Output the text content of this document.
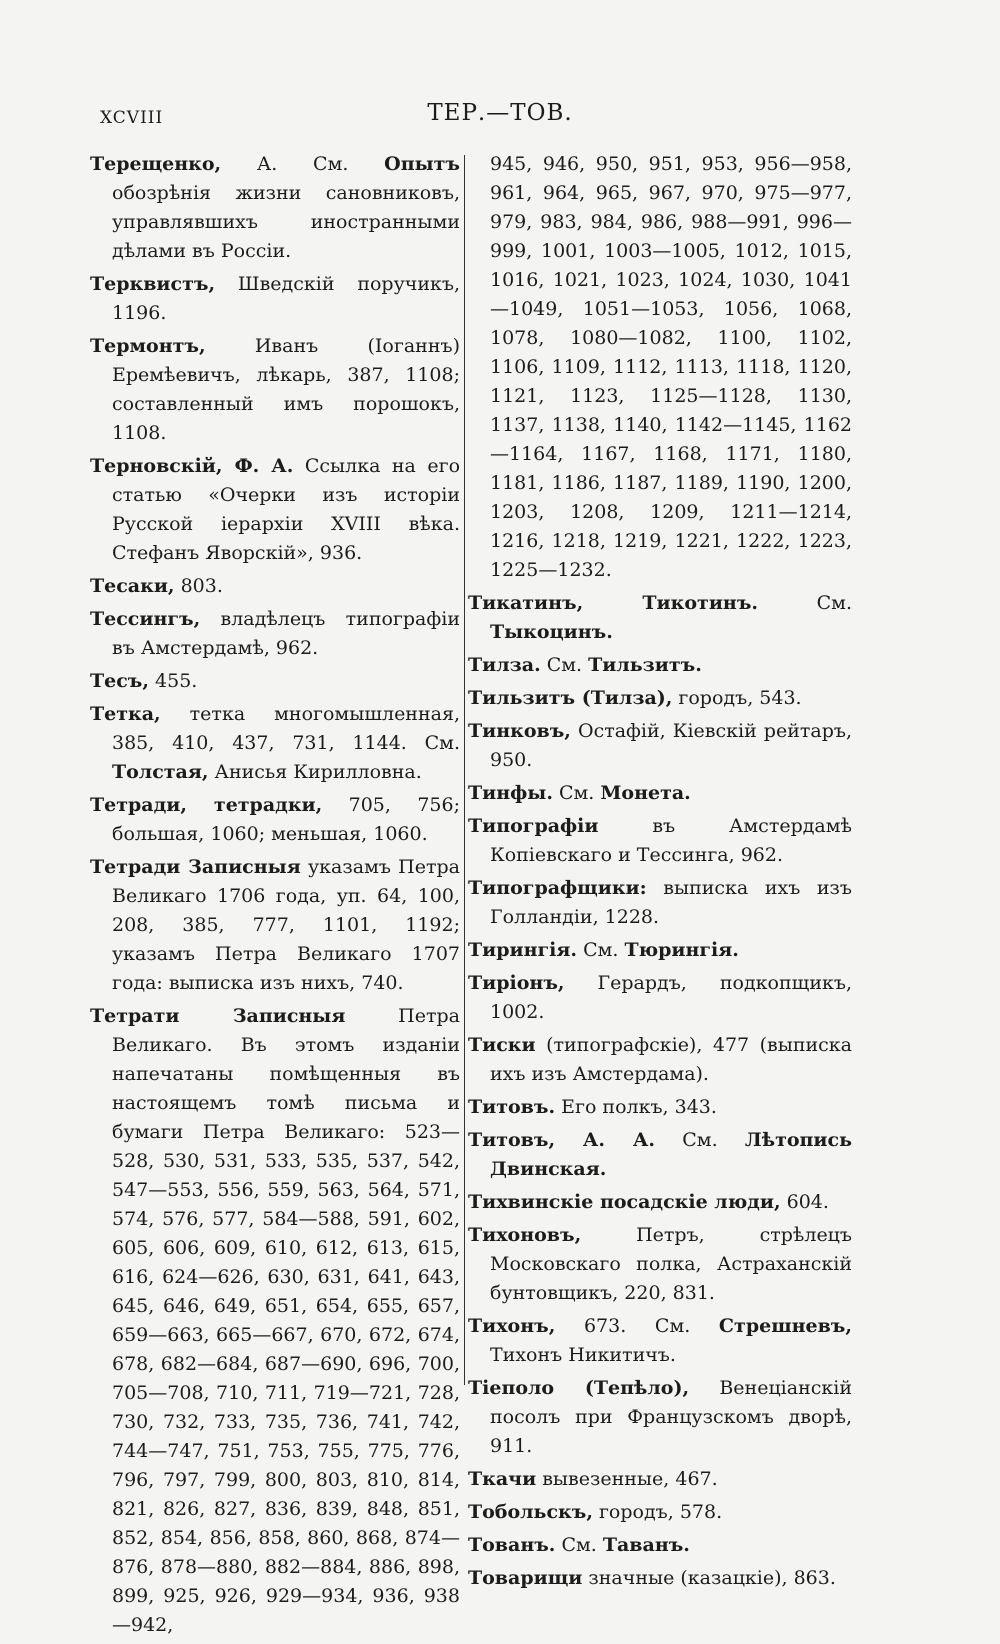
XCVIII	ТЕР.—ТОВ.

Терещенко, А. См. Опытъ обозрѣнія жизни сановниковъ, управлявшихъ иностранными дѣлами въ Россіи.

Терквистъ, Шведскій поручикъ, 1196.

Термонтъ, Иванъ (Іоганнъ) Еремѣевичъ, лѣкарь, 387, 1108; составленный имъ порошокъ, 1108.

Терновскій, Ф. А. Ссылка на его статью «Очерки изъ исторіи Русской іерархіи XVIII вѣка. Стефанъ Яворскій», 936.

Тесаки, 803.

Тессингъ, владѣлецъ типографіи въ Амстердамѣ, 962.

Тесъ, 455.

Тетка, тетка многомышленная, 385, 410, 437, 731, 1144. См. Толстая, Анисья Кирилловна.

Тетради, тетрадки, 705, 756; большая, 1060; меньшая, 1060.

Тетради Записныя указамъ Петра Великаго 1706 года, уп. 64, 100, 208, 385, 777, 1101, 1192; указамъ Петра Великаго 1707 года: выписка изъ нихъ, 740.

Тетрати Записныя Петра Великаго. Въ этомъ изданіи напечатаны помѣщенныя въ настоящемъ томѣ письма и бумаги Петра Великаго: 523—528, 530, 531, 533, 535, 537, 542, 547—553, 556, 559, 563, 564, 571, 574, 576, 577, 584—588, 591, 602, 605, 606, 609, 610, 612, 613, 615, 616, 624—626, 630, 631, 641, 643, 645, 646, 649, 651, 654, 655, 657, 659—663, 665—667, 670, 672, 674, 678, 682—684, 687—690, 696, 700, 705—708, 710, 711, 719—721, 728, 730, 732, 733, 735, 736, 741, 742, 744—747, 751, 753, 755, 775, 776, 796, 797, 799, 800, 803, 810, 814, 821, 826, 827, 836, 839, 848, 851, 852, 854, 856, 858, 860, 868, 874—876, 878—880, 882—884, 886, 898, 899, 925, 926, 929—934, 936, 938—942,

945, 946, 950, 951, 953, 956—958, 961, 964, 965, 967, 970, 975—977, 979, 983, 984, 986, 988—991, 996—999, 1001, 1003—1005, 1012, 1015, 1016, 1021, 1023, 1024, 1030, 1041—1049, 1051—1053, 1056, 1068, 1078, 1080—1082, 1100, 1102, 1106, 1109, 1112, 1113, 1118, 1120, 1121, 1123, 1125—1128, 1130, 1137, 1138, 1140, 1142—1145, 1162—1164, 1167, 1168, 1171, 1180, 1181, 1186, 1187, 1189, 1190, 1200, 1203, 1208, 1209, 1211—1214, 1216, 1218, 1219, 1221, 1222, 1223, 1225—1232.

Тикатинъ, Тикотинъ. См. Тыкоцинъ.

Тилза. См. Тильзитъ.

Тильзитъ (Тилза), городъ, 543.

Тинковъ, Остафій, Кіевскій рейтаръ, 950.

Тинфы. См. Монета.

Типографіи въ Амстердамѣ Копіевскаго и Тессинга, 962.

Типографщики: выписка ихъ изъ Голландіи, 1228.

Тирингія. См. Тюрингія.

Тиріонъ, Герардъ, подкопщикъ, 1002.

Тиски (типографскіе), 477 (выписка ихъ изъ Амстердама).

Титовъ. Его полкъ, 343.

Титовъ, А. А. См. Лѣтопись Двинская.

Тихвинскіе посадскіе люди, 604.

Тихоновъ, Петръ, стрѣлецъ Московскаго полка, Астраханскій бунтовщикъ, 220, 831.

Тихонъ, 673. См. Стрешневъ, Тихонъ Никитичъ.

Тіеполо (Тепѣло), Венеціанскій посолъ при Французскомъ дворѣ, 911.

Ткачи вывезенные, 467.

Тобольскъ, городъ, 578.

Тованъ. См. Таванъ.

Товарищи значные (казацкіе), 863.
